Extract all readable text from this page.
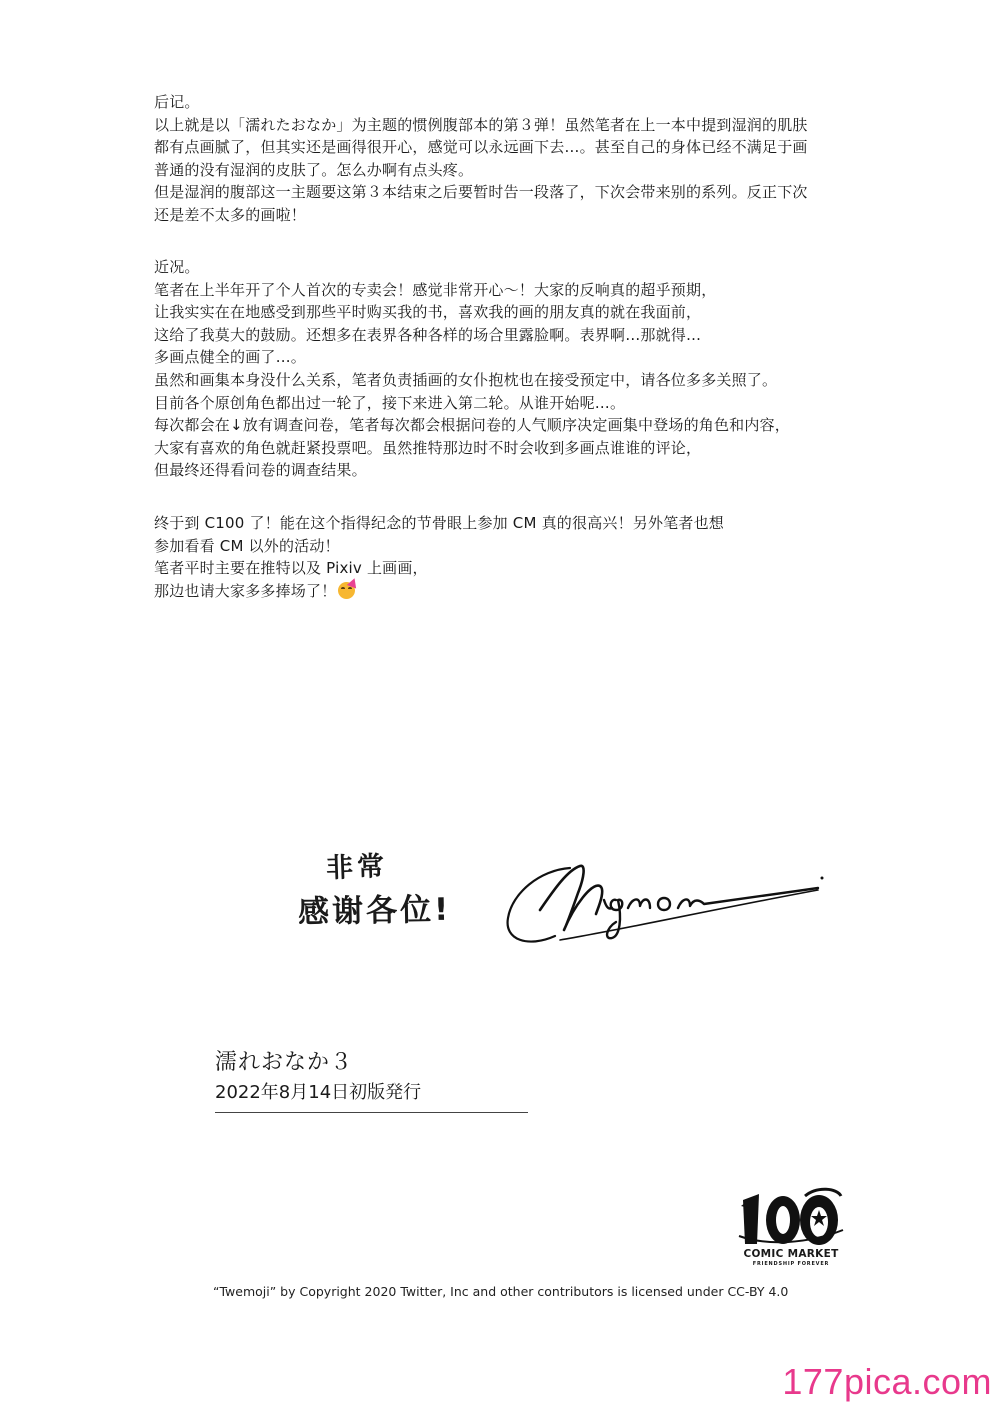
后记。
以上就是以「濡れたおなか」为主题的惯例腹部本的第３弹！虽然笔者在上一本中提到湿润的肌肤
都有点画腻了，但其实还是画得很开心，感觉可以永远画下去…。甚至自己的身体已经不满足于画
普通的没有湿润的皮肤了。怎么办啊有点头疼。
但是湿润的腹部这一主题要这第３本结束之后要暂时告一段落了，下次会带来别的系列。反正下次
还是差不太多的画啦！
近况。
笔者在上半年开了个人首次的专卖会！感觉非常开心～！大家的反响真的超乎预期，
让我实实在在地感受到那些平时购买我的书，喜欢我的画的朋友真的就在我面前，
这给了我莫大的鼓励。还想多在表界各种各样的场合里露脸啊。表界啊…那就得…
多画点健全的画了…。
虽然和画集本身没什么关系，笔者负责插画的女仆抱枕也在接受预定中，请各位多多关照了。
目前各个原创角色都出过一轮了，接下来进入第二轮。从谁开始呢…。
每次都会在↓放有调查问卷，笔者每次都会根据问卷的人气顺序决定画集中登场的角色和内容，
大家有喜欢的角色就赶紧投票吧。虽然推特那边时不时会收到多画点谁谁的评论，
但最终还得看问卷的调查结果。
终于到 C100 了！能在这个指得纪念的节骨眼上参加 CM 真的很高兴！另外笔者也想
参加看看 CM 以外的活动！
笔者平时主要在推特以及 Pixiv 上画画，
那边也请大家多多捧场了！
非常
感谢各位!
濡れおなか３
2022年8月14日初版発行
COMIC MARKET
FRIENDSHIP FOREVER
“Twemoji” by Copyright 2020 Twitter, Inc and other contributors is licensed under CC-BY 4.0
177pica.com
